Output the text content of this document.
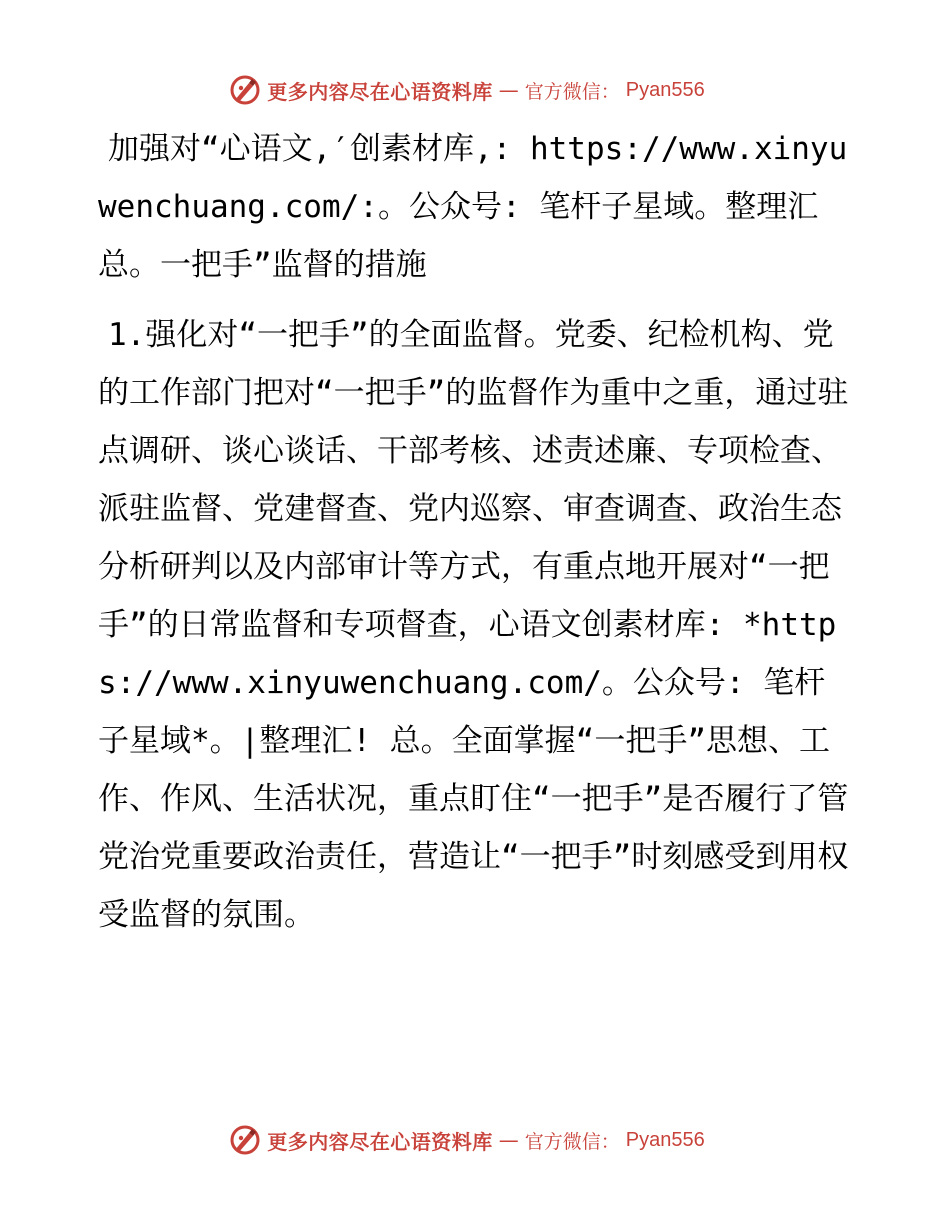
更多内容尽在心语资料库 — 官方微信： Pyan556

加强对“心语文,′创素材库,: https://www.xinyuwenchuang.com/:。公众号: 笔杆子星域。整理汇总。一把手”监督的措施

1.强化对“一把手”的全面监督。党委、纪检机构、党的工作部门把对“一把手”的监督作为重中之重，通过驻点调研、谈心谈话、干部考核、述责述廉、专项检查、派驻监督、党建督查、党内巡察、审查调查、政治生态分析研判以及内部审计等方式，有重点地开展对“一把手”的日常监督和专项督查，心语文创素材库: *https://www.xinyuwenchuang.com/。公众号: 笔杆子星域*。|整理汇! 总。全面掌握“一把手”思想、工作、作风、生活状况，重点盯住“一把手”是否履行了管党治党重要政治责任，营造让“一把手”时刻感受到用权受监督的氛围。

更多内容尽在心语资料库 — 官方微信： Pyan556
